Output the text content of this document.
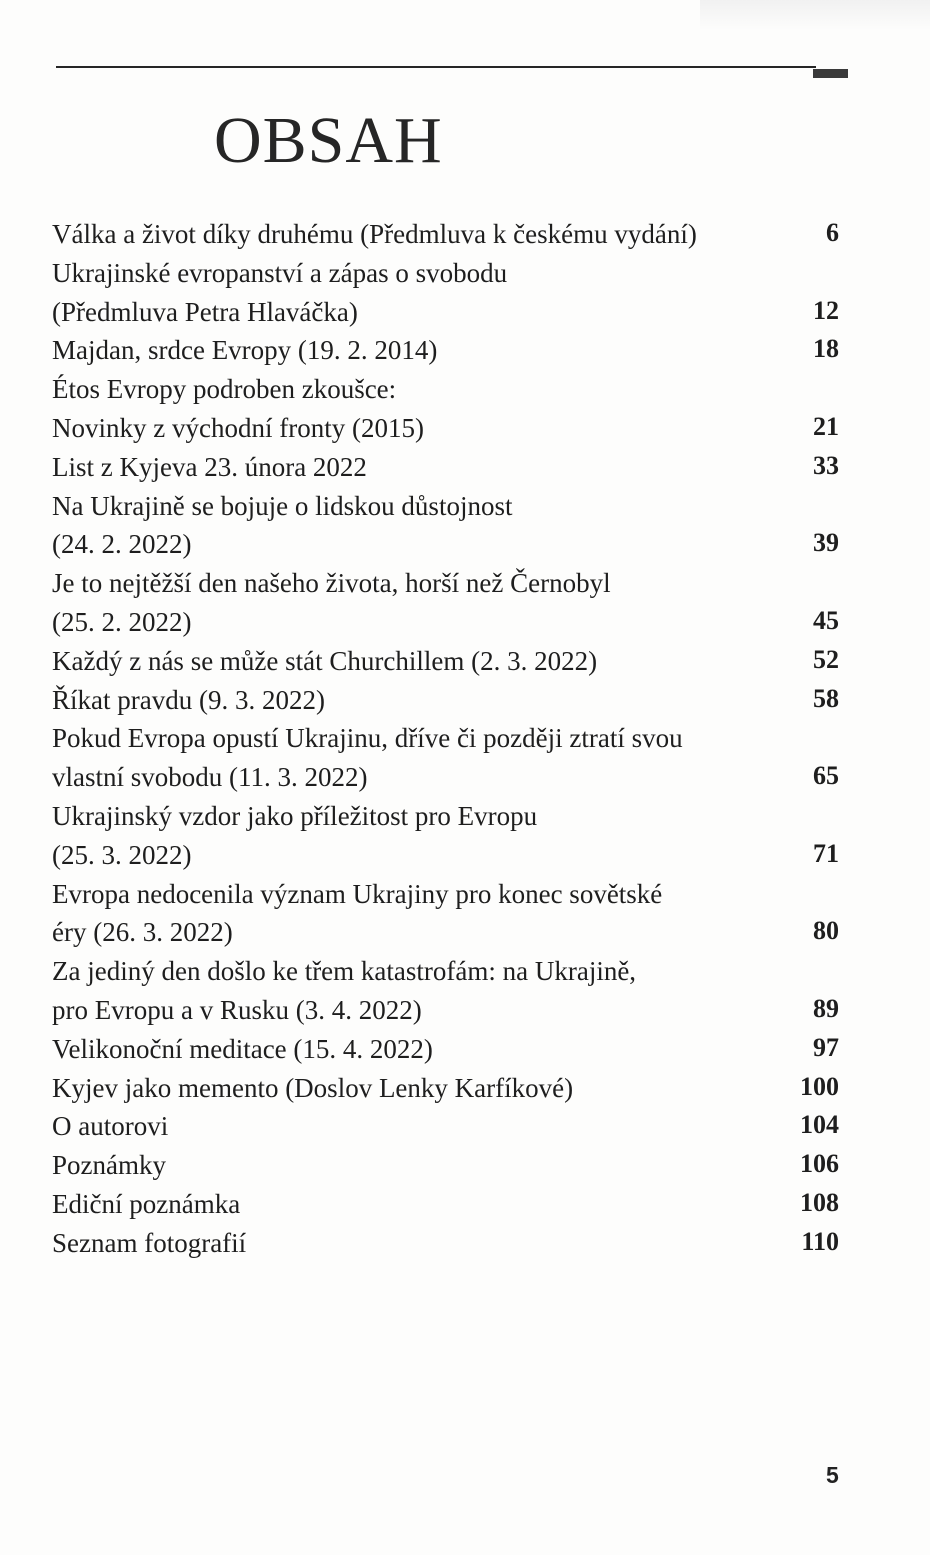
OBSAH
Válka a život díky druhému (Předmluva k českému vydání)	6
Ukrajinské evropanství a zápas o svobodu
(Předmluva Petra Hlaváčka)	12
Majdan, srdce Evropy (19. 2. 2014)	18
Étos Evropy podroben zkoušce:
Novinky z východní fronty (2015)	21
List z Kyjeva 23. února 2022	33
Na Ukrajině se bojuje o lidskou důstojnost
(24. 2. 2022)	39
Je to nejtěžší den našeho života, horší než Černobyl
(25. 2. 2022)	45
Každý z nás se může stát Churchillem (2. 3. 2022)	52
Říkat pravdu (9. 3. 2022)	58
Pokud Evropa opustí Ukrajinu, dříve či později ztratí svou
vlastní svobodu (11. 3. 2022)	65
Ukrajinský vzdor jako příležitost pro Evropu
(25. 3. 2022)	71
Evropa nedocenila význam Ukrajiny pro konec sovětské
éry (26. 3. 2022)	80
Za jediný den došlo ke třem katastrofám: na Ukrajině,
pro Evropu a v Rusku (3. 4. 2022)	89
Velikonoční meditace (15. 4. 2022)	97
Kyjev jako memento (Doslov Lenky Karfíkové)	100
O autorovi	104
Poznámky	106
Ediční poznámka	108
Seznam fotografií	110
5
